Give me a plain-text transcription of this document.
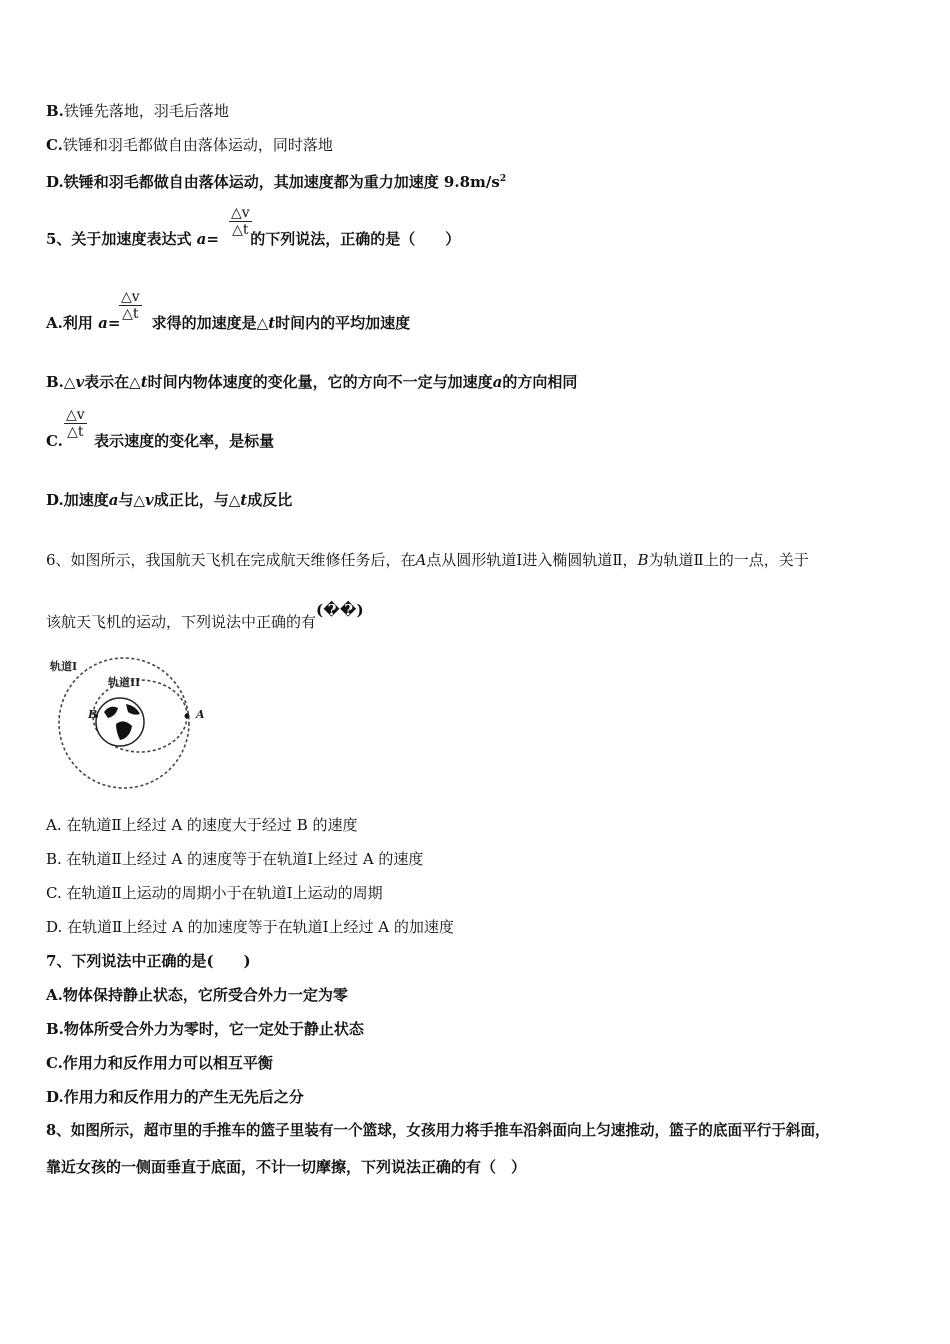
B.铁锤先落地，羽毛后落地
C.铁锤和羽毛都做自由落体运动，同时落地
D.铁锤和羽毛都做自由落体运动，其加速度都为重力加速度 $9.8m/s^2$
5、关于加速度表达式 a= 的下列说法，正确的是（　　）
$\frac{\triangle v}{\triangle t}$
A.利用 a= 求得的加速度是△t时间内的平均加速度
$\frac{\triangle v}{\triangle t}$
B.△v表示在△t时间内物体速度的变化量，它的方向不一定与加速度a的方向相同
C. 表示速度的变化率，是标量
$\frac{\triangle v}{\triangle t}$
D.加速度a与△v成正比，与△t成反比
6、如图所示，我国航天飞机在完成航天维修任务后，在A点从圆形轨道Ⅰ进入椭圆轨道Ⅱ，B为轨道Ⅱ上的一点，关于
该航天飞机的运动，下列说法中正确的有(��)
轨道I
轨道II
B	A
A. 在轨道Ⅱ上经过 A 的速度大于经过 B 的速度
B. 在轨道Ⅱ上经过 A 的速度等于在轨道Ⅰ上经过 A 的速度
C. 在轨道Ⅱ上运动的周期小于在轨道Ⅰ上运动的周期
D. 在轨道Ⅱ上经过 A 的加速度等于在轨道Ⅰ上经过 A 的加速度
7、下列说法中正确的是(　　)
A.物体保持静止状态，它所受合外力一定为零
B.物体所受合外力为零时，它一定处于静止状态
C.作用力和反作用力可以相互平衡
D.作用力和反作用力的产生无先后之分
8、如图所示，超市里的手推车的篮子里装有一个篮球，女孩用力将手推车沿斜面向上匀速推动，篮子的底面平行于斜面，
靠近女孩的一侧面垂直于底面，不计一切摩擦，下列说法正确的有（　）
